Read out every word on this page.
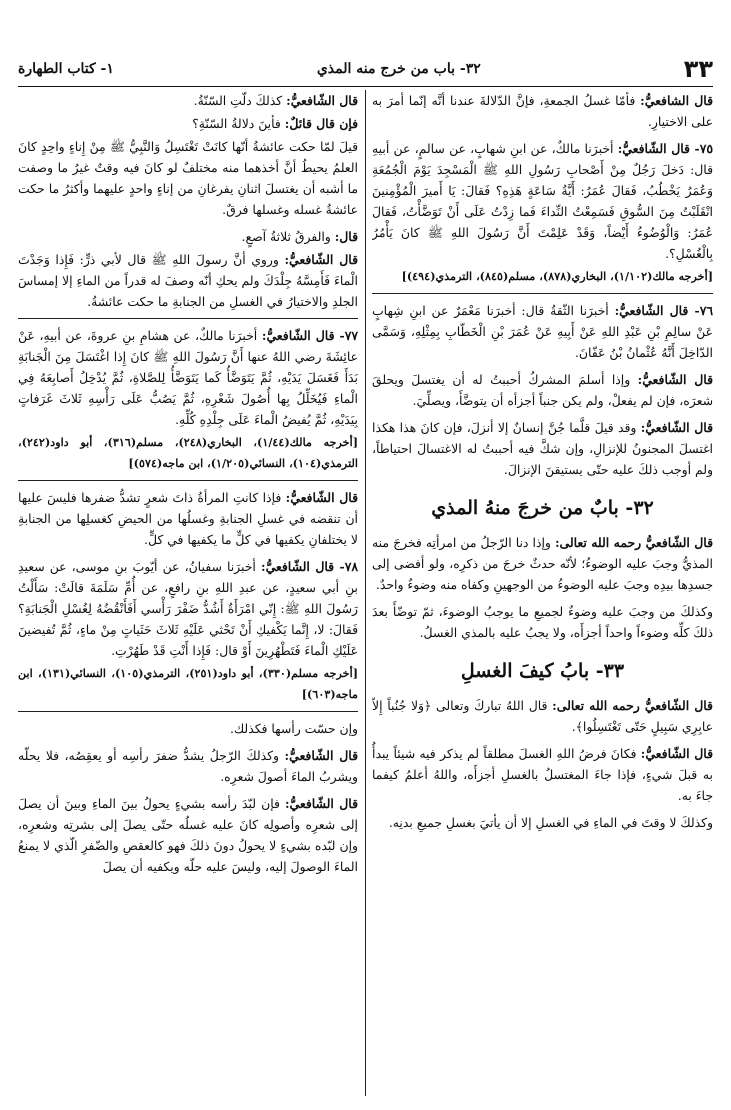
٣٣
٣٢- باب من خرج منه المذي
١- كتاب الطهارة

قال الشافعيُّ: فأمّا غسلُ الجمعةِ، فإنَّ الدّلالةَ عندنا أنَّه إنّما أمرَ به على الاختيارِ.

٧٥- قال الشّافعيُّ: أخبرَنا مالكٌ، عن ابنِ شهابٍ، عن سالمٍ، عن أبيهِ قال: دَخلَ رَجُلٌ مِنْ أَصْحابِ رَسُولِ اللهِ ﷺ الْمَسْجِدَ يَوْمَ الْجُمُعَةِ وَعُمَرُ يَخْطُبُ، فَقالَ عُمَرُ: أَيَّةُ سَاعَةٍ هَذِهِ؟ فَقالَ: يَا أَميرَ الْمُؤْمِنينَ انْقَلَبْتُ مِنَ السُّوقِ فَسَمِعْتُ النِّداءَ فَما زِدْتُ عَلَى أَنْ تَوَضَّأْتُ، فَقالَ عُمَرُ: وَالْوُضُوءُ أَيْضاً، وَقَدْ عَلِمْتَ أَنَّ رَسُولَ اللهِ ﷺ كانَ يَأْمُرُ بِالْغُسْلِ؟.

[أخرجه مالك(١/١٠٢)، البخاري(٨٧٨)، مسلم(٨٤٥)، الترمذي(٤٩٤)]

٧٦- قال الشّافعيُّ: أخبرَنا الثّقةُ قال: أخبرَنا مَعْمَرٌ عن ابنِ شِهابٍ عَنْ سالِمِ بْنِ عَبْدِ اللهِ عَنْ أَبِيهِ عَنْ عُمَرَ بْنِ الْخَطّابِ بِمِثْلِهِ، وَسَمَّى الدّاخِلَ أَنَّهُ عُثْمانُ بْنُ عَفّانَ.

قال الشّافعيُّ: وإذا أسلمَ المشركُ أحببتُ له أن يغتسلَ ويحلقَ شعرَه، فإن لم يفعلْ، ولم يكن جنباً أجزأه أن يتوضَّأَ، ويصلِّيَ.

قال الشّافعيُّ: وقد قيلَ قلَّما جُنَّ إنسانٌ إلا أنزلَ، فإن كانَ هذا هكذا اغتسلَ المجنونُ للإنزالِ، وإن شكَّ فيه أحببتُ له الاغتسالَ احتياطاً، ولم أوجب ذلكَ عليه حتّى يستيقنَ الإنزالَ.

٣٢- بابٌ من خرجَ منهُ المذي

قال الشّافعيُّ رحمه الله تعالى: وإذا دنا الرّجلُ من امرأتِه فخرجَ منه المذيُّ وجبَ عليه الوضوءُ؛ لأنّه حدثٌ خرجَ من ذكرِه، ولو أفضى إلى جسدِها بيدِه وجبَ عليه الوضوءُ من الوجهينِ وكفاه منه وضوءٌ واحدٌ.

وكذلكَ من وجبَ عليه وضوءٌ لجميعِ ما يوجبُ الوضوءَ، ثمّ توضّأَ بعدَ ذلكَ كلِّه وضوءاً واحداً أجزأَه، ولا يجبُ عليه بالمذي الغسلُ.

٣٣- بابُ كيفَ الغسلِ

قال الشّافعيُّ رحمه الله تعالى: قال اللهُ تباركَ وتعالى ﴿وَلا جُنُباً إِلاّ عابِرِي سَبِيلٍ حَتّى تَغْتَسِلُوا﴾.

قال الشّافعيُّ: فكانَ فرضُ اللهِ الغسلَ مطلقاً لم يذكر فيه شيئاً يبدأُ به قبلَ شيءٍ، فإذا جاءَ المغتسلُ بالغسلِ أجزأَه، واللهُ أعلمُ كيفما جاءَ به.

وكذلكَ لا وقتَ في الماءِ في الغسلِ إلا أن يأتيَ بغسلِ جميعِ بدنِه.

قال الشّافعيُّ: كذلكَ دلّتِ السّنّةُ.

فإن قال قائلٌ: فأينَ دلالةُ السّنّةِ؟

قيلَ لمّا حكت عائشةُ أنّها كانَتْ تَغْتَسِلُ وَالنَّبِيُّ ﷺ مِنْ إِناءٍ واحِدٍ كانَ العلمُ يحيطُ أنَّ أخذهما منه مختلفٌ لو كانَ فيه وقتٌ غيرُ ما وصفت ما أشبه أن يغتسلَ اثنانِ يفرغانِ من إناءٍ واحدٍ عليهما وأكثرُ ما حكت عائشةُ غسله وغسلها فرقٌ.

قال: والفرقُ ثلاثةُ آصعٍ.

قال الشّافعيُّ: وروي أنَّ رسولَ اللهِ ﷺ قال لأبي ذرٍّ: فَإِذا وَجَدْتَ الْماءَ فَأَمِسَّهُ جِلْدَكَ ولم يحكِ أنّه وصفَ له قدراً من الماءِ إلا إمساسَ الجلدِ والاختيارُ في الغسلِ من الجنابةِ ما حكت عائشةُ.

٧٧- قال الشّافعيُّ: أخبرَنا مالكٌ، عن هشامِ بنِ عروةَ، عن أبيهِ، عَنْ عائِشَةَ رضي اللهُ عنها أَنَّ رَسُولَ اللهِ ﷺ كانَ إِذا اغْتَسَلَ مِنَ الْجَنابَةِ بَدَأَ فَغَسَلَ يَدَيْهِ، ثُمَّ يَتَوَضَّأُ كَما يَتَوَضَّأُ لِلصَّلاةِ، ثُمَّ يُدْخِلُ أَصابِعَهُ فِي الْماءِ فَيُخَلِّلُ بِها أُصُولَ شَعْرِهِ، ثُمَّ يَصُبُّ عَلَى رَأْسِهِ ثَلاثَ غَرَفاتٍ بِيَدَيْهِ، ثُمَّ يُفيضُ الْماءَ عَلَى جِلْدِهِ كُلِّهِ.

[أخرجه مالك(١/٤٤)، البخاري(٢٤٨)، مسلم(٣١٦)، أبو داود(٢٤٢)، الترمذي(١٠٤)، النسائي(١/٢٠٥)، ابن ماجه(٥٧٤)]

قال الشّافعيُّ: فإذا كانتِ المرأةُ ذاتَ شعرٍ تشدُّ ضفرها فليسَ عليها أن تنقضه في غسلِ الجنابةِ وغسلُها من الحيضِ كغسلِها من الجنابةِ لا يختلفانِ يكفيها في كلٍّ ما يكفيها في كلٍّ.

٧٨- قال الشّافعيُّ: أخبرَنا سفيانُ، عن أيّوبَ بنِ موسى، عن سعيدِ بنِ أبي سعيدٍ، عن عبدِ اللهِ بنِ رافعٍ، عن أُمِّ سَلَمَةَ قالَتْ: سَأَلْتُ رَسُولَ اللهِ ﷺ: إِنّي امْرَأَةٌ أَشُدُّ ضَفْرَ رَأْسي أَفَأَنْقُضُهُ لِغُسْلِ الْجَنابَةِ؟ فَقالَ: لا، إِنَّما يَكْفيكِ أَنْ تَحْثي عَلَيْهِ ثَلاثَ حَثَياتٍ مِنْ ماءٍ، ثُمَّ تُفيضينَ عَلَيْكِ الْماءَ فَتَطْهُرِينَ أَوْ قال: فَإِذا أَنْتِ قَدْ طَهُرْتِ.

[أخرجه مسلم(٣٣٠)، أبو داود(٢٥١)، الترمذي(١٠٥)، النسائي(١٣١)، ابن ماجه(٦٠٣)]

وإن حسّت رأسها فكذلك.

قال الشّافعيُّ: وكذلكَ الرّجلُ يشدُّ ضفرَ رأسِه أو يعقِصُه، فلا يحلّه ويشربُ الماءَ أصولَ شعرِه.

قال الشّافعيُّ: فإن لبّدَ رأسه بشيءٍ يحولُ بينَ الماءِ وبينَ أن يصلَ إلى شعرِه وأصولِه كانَ عليه غسلُه حتّى يصلَ إلى بشرتِه وشعرِه، وإن لبّده بشيءٍ لا يحولُ دونَ ذلكَ فهو كالعقصِ والضّفرِ الّذي لا يمنعُ الماءَ الوصولَ إليه، وليسَ عليه حلّه ويكفيه أن يصلَ
